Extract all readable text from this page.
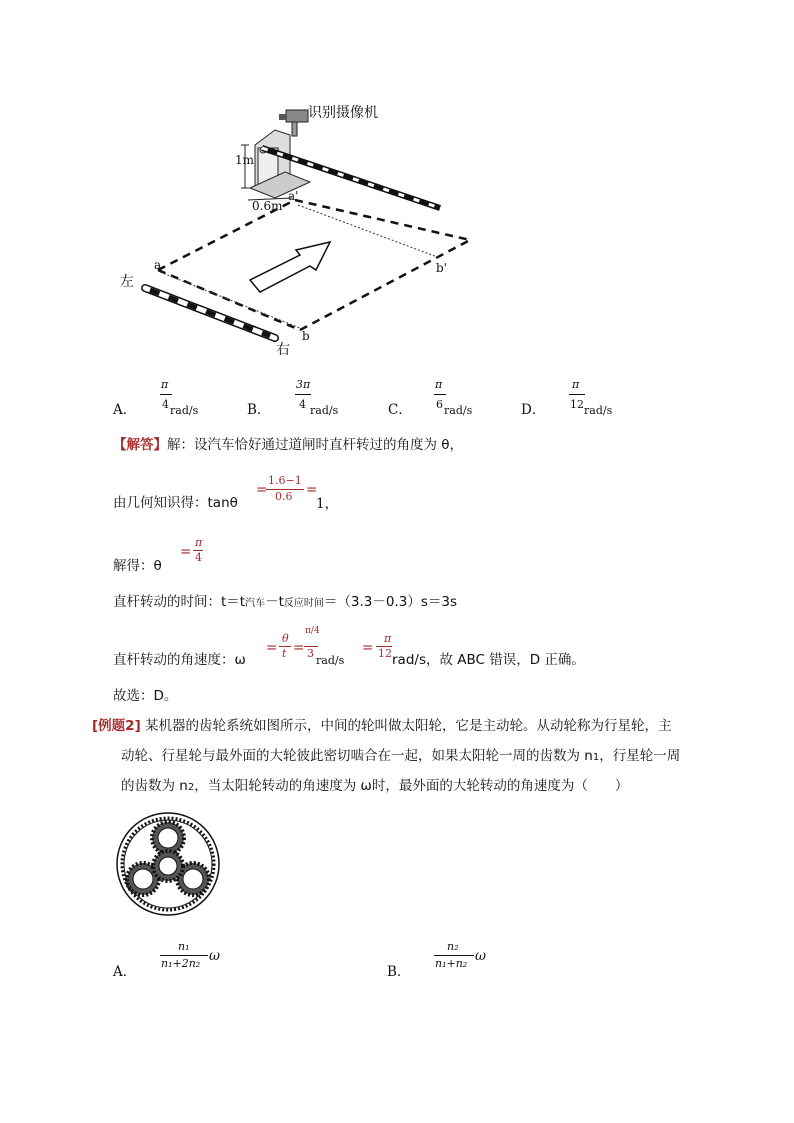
识别摄像机
1m
0.6m
a'
a	b'
b
左
右
A．
π
4 rad/s	B．
3π
4 rad/s	C．
π
6 rad/s	D．
π
12 rad/s
【解答】解：设汽车恰好通过道闸时直杆转过的角度为 θ，
由几何知识得：tanθ
=
1.6−1
0.6 =
1，
解得：θ
=
π
4
直杆转动的时间：t＝t汽车－t反应时间＝（3.3－0.3）s＝3s
直杆转动的角速度：ω
=
θ
t =
π/4
3
rad/s
=
π
12 rad/s，故 ABC 错误，D 正确。
故选：D。
[例题2] 某机器的齿轮系统如图所示，中间的轮叫做太阳轮，它是主动轮。从动轮称为行星轮，主
动轮、行星轮与最外面的大轮彼此密切啮合在一起，如果太阳轮一周的齿数为 n1，行星轮一周
的齿数为 n2，当太阳轮转动的角速度为 ω时，最外面的大轮转动的角速度为（　　）
A．
n₁
n₁+2n₂ ω
B．
n₂
n₁+n₂ ω
